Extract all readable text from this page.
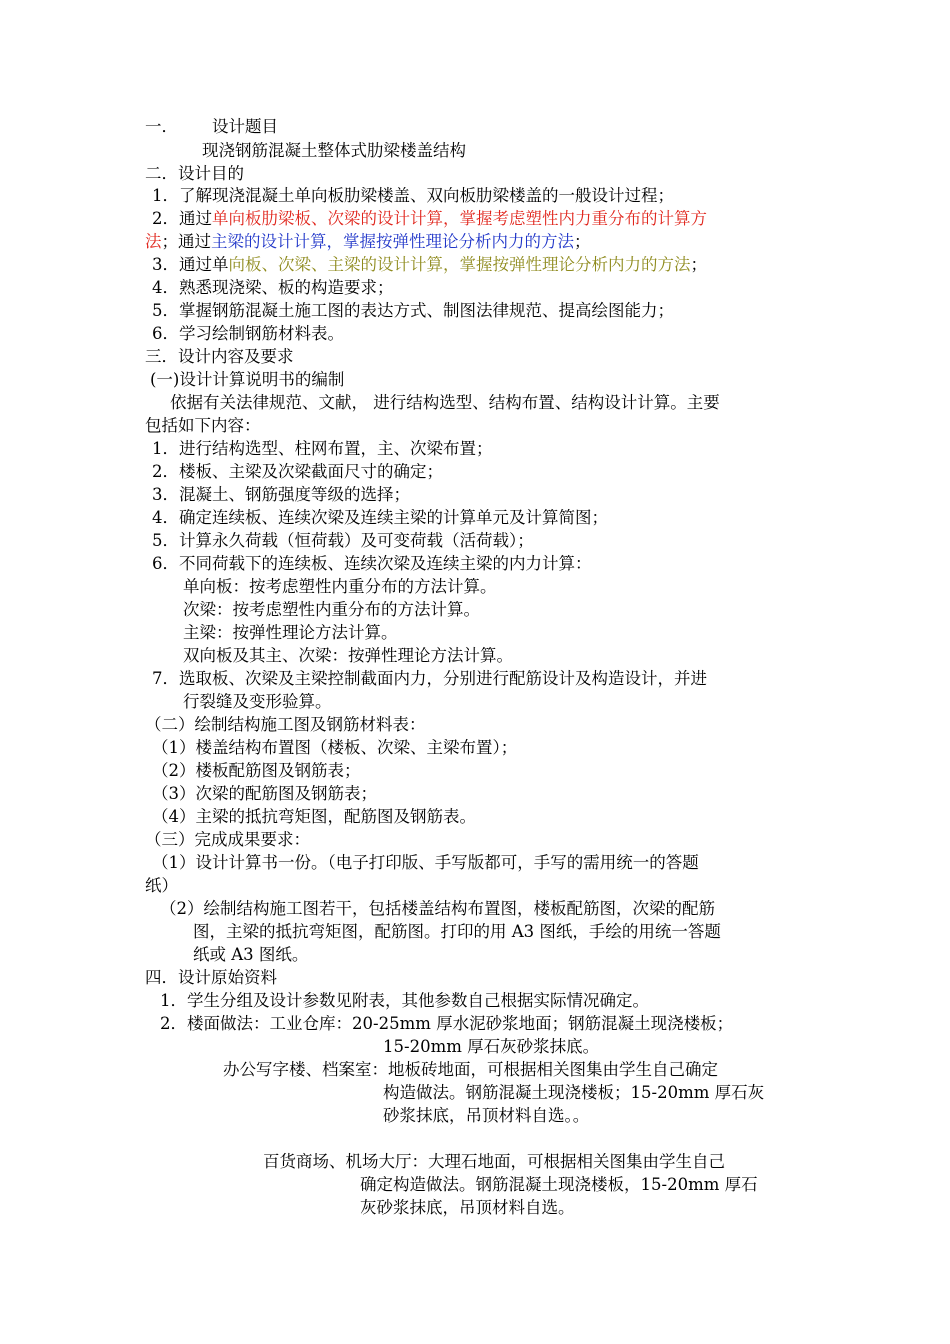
一． 设计题目
现浇钢筋混凝土整体式肋梁楼盖结构
二．设计目的
1．了解现浇混凝土单向板肋梁楼盖、双向板肋梁楼盖的一般设计过程；
2．通过单向板肋梁板、次梁的设计计算，掌握考虑塑性内力重分布的计算方
法；通过主梁的设计计算，掌握按弹性理论分析内力的方法；
3．通过单向板、次梁、主梁的设计计算，掌握按弹性理论分析内力的方法；
4．熟悉现浇梁、板的构造要求；
5．掌握钢筋混凝土施工图的表达方式、制图法律规范、提高绘图能力；
6．学习绘制钢筋材料表。
三．设计内容及要求
(一)设计计算说明书的编制
依据有关法律规范、文献， 进行结构选型、结构布置、结构设计计算。主要
包括如下内容：
1．进行结构选型、柱网布置，主、次梁布置；
2．楼板、主梁及次梁截面尺寸的确定；
3．混凝土、钢筋强度等级的选择；
4．确定连续板、连续次梁及连续主梁的计算单元及计算简图；
5．计算永久荷载（恒荷载）及可变荷载（活荷载）；
6．不同荷载下的连续板、连续次梁及连续主梁的内力计算：
单向板：按考虑塑性内重分布的方法计算。
次梁：按考虑塑性内重分布的方法计算。
主梁：按弹性理论方法计算。
双向板及其主、次梁：按弹性理论方法计算。
7．选取板、次梁及主梁控制截面内力，分别进行配筋设计及构造设计，并进
行裂缝及变形验算。
（二）绘制结构施工图及钢筋材料表：
（1）楼盖结构布置图（楼板、次梁、主梁布置）；
（2）楼板配筋图及钢筋表；
（3）次梁的配筋图及钢筋表；
（4）主梁的抵抗弯矩图，配筋图及钢筋表。
（三）完成成果要求：
（1）设计计算书一份。（电子打印版、手写版都可，手写的需用统一的答题
纸）
（2）绘制结构施工图若干，包括楼盖结构布置图，楼板配筋图，次梁的配筋
图，主梁的抵抗弯矩图，配筋图。打印的用 A3 图纸，手绘的用统一答题
纸或 A3 图纸。
四．设计原始资料
1．学生分组及设计参数见附表，其他参数自己根据实际情况确定。
2．楼面做法：工业仓库：20-25mm 厚水泥砂浆地面；钢筋混凝土现浇楼板；
15-20mm 厚石灰砂浆抹底。
办公写字楼、档案室：地板砖地面，可根据相关图集由学生自己确定
构造做法。钢筋混凝土现浇楼板；15-20mm 厚石灰
砂浆抹底，吊顶材料自选。。
百货商场、机场大厅：大理石地面，可根据相关图集由学生自己
确定构造做法。钢筋混凝土现浇楼板，15-20mm 厚石
灰砂浆抹底，吊顶材料自选。
